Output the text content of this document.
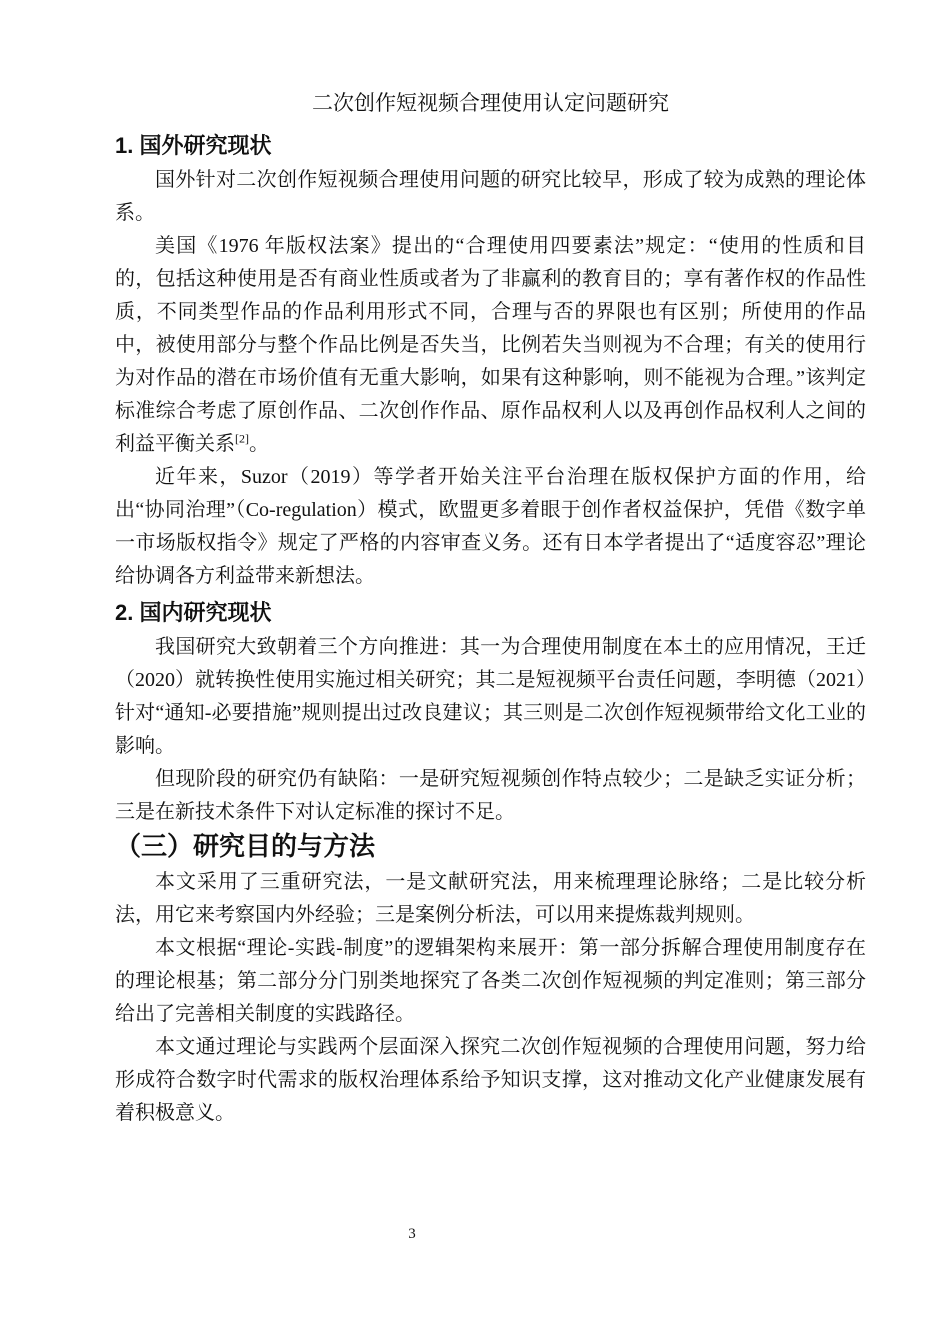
二次创作短视频合理使用认定问题研究
1. 国外研究现状

国外针对二次创作短视频合理使用问题的研究比较早，形成了较为成熟的理论体系。

美国《1976 年版权法案》提出的“合理使用四要素法”规定：“使用的性质和目的，包括这种使用是否有商业性质或者为了非赢利的教育目的；享有著作权的作品性质，不同类型作品的作品利用形式不同，合理与否的界限也有区别；所使用的作品中，被使用部分与整个作品比例是否失当，比例若失当则视为不合理；有关的使用行为对作品的潜在市场价值有无重大影响，如果有这种影响，则不能视为合理。”该判定标准综合考虑了原创作品、二次创作作品、原作品权利人以及再创作品权利人之间的利益平衡关系[2]。

近年来，Suzor（2019）等学者开始关注平台治理在版权保护方面的作用，给出“协同治理”（Co-regulation）模式，欧盟更多着眼于创作者权益保护，凭借《数字单一市场版权指令》规定了严格的内容审查义务。还有日本学者提出了“适度容忍”理论给协调各方利益带来新想法。

2. 国内研究现状

我国研究大致朝着三个方向推进：其一为合理使用制度在本土的应用情况，王迁（2020）就转换性使用实施过相关研究；其二是短视频平台责任问题，李明德（2021）针对“通知-必要措施”规则提出过改良建议；其三则是二次创作短视频带给文化工业的影响。

但现阶段的研究仍有缺陷：一是研究短视频创作特点较少；二是缺乏实证分析；三是在新技术条件下对认定标准的探讨不足。

（三）研究目的与方法

本文采用了三重研究法，一是文献研究法，用来梳理理论脉络；二是比较分析法，用它来考察国内外经验；三是案例分析法，可以用来提炼裁判规则。

本文根据“理论-实践-制度”的逻辑架构来展开：第一部分拆解合理使用制度存在的理论根基；第二部分分门别类地探究了各类二次创作短视频的判定准则；第三部分给出了完善相关制度的实践路径。

本文通过理论与实践两个层面深入探究二次创作短视频的合理使用问题，努力给形成符合数字时代需求的版权治理体系给予知识支撑，这对推动文化产业健康发展有着积极意义。

3
